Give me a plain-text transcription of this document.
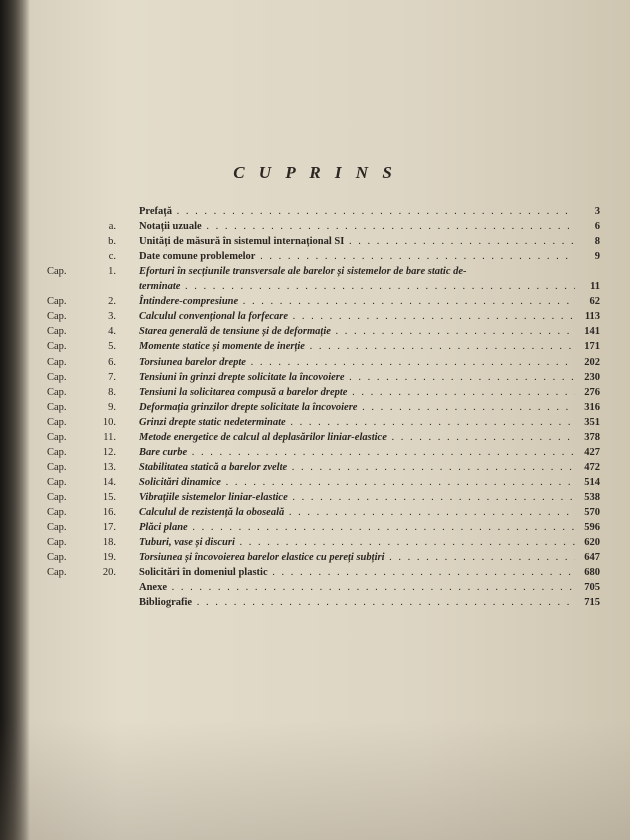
C U P R I N S
Prefață . . .	3
a. Notații uzuale . . .	6
b. Unități de măsură în sistemul internațional SI . . .	8
c. Date comune problemelor . . .	9
Cap.	1. Eforturi în secțiunile transversale ale barelor și sistemelor de bare static de-
terminate . . .	11
Cap.	2. Întindere-compresiune . . .	62
Cap.	3. Calculul convențional la forfecare . . .	113
Cap.	4. Starea generală de tensiune și de deformație . . .	141
Cap.	5. Momente statice și momente de inerție . . .	171
Cap.	6. Torsiunea barelor drepte . . .	202
Cap.	7. Tensiuni în grinzi drepte solicitate la încovoiere . . .	230
Cap.	8. Tensiuni la solicitarea compusă a barelor drepte . . .	276
Cap.	9. Deformația grinzilor drepte solicitate la încovoiere . . .	316
Cap.	10. Grinzi drepte static nedeterminate . . .	351
Cap.	11. Metode energetice de calcul al deplasărilor liniar-elastice . . .	378
Cap.	12. Bare curbe . . .	427
Cap.	13. Stabilitatea statică a barelor zvelte . . .	472
Cap.	14. Solicitări dinamice . . .	514
Cap.	15. Vibrațiile sistemelor liniar-elastice . . .	538
Cap.	16. Calculul de rezistență la oboseală . . .	570
Cap.	17. Plăci plane . . .	596
Cap.	18. Tuburi, vase și discuri . . .	620
Cap.	19. Torsiunea și încovoierea barelor elastice cu pereți subțiri . . .	647
Cap.	20. Solicitări în domeniul plastic . . .	680
Anexe . . .	705
Bibliografie . . .	715
